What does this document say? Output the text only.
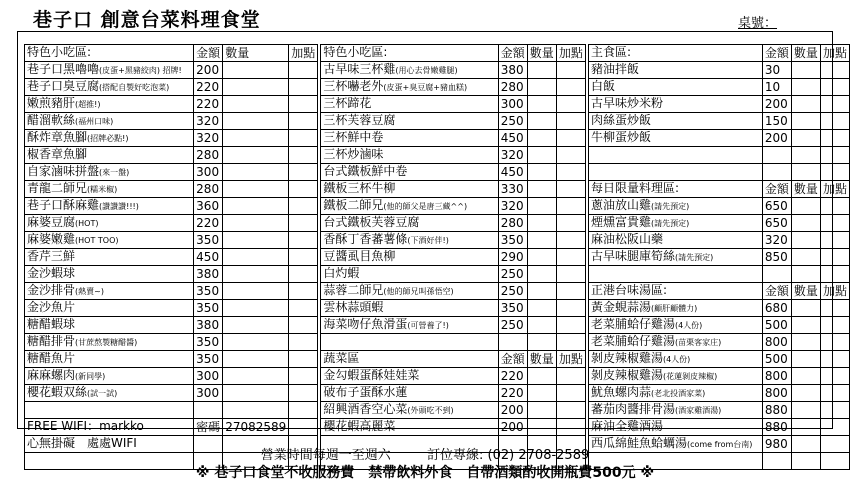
巷子口 創意台菜料理食堂	桌號：
特色小吃區:	金額	數量	加點		特色小吃區:	金額	數量	加點		主食區:	金額	數量	加點
巷子口黑嚕嚕(皮蛋+黑豬絞肉) 招牌!	200				古早味三杯雞(用心去骨嫩雞腿)	380				豬油拌飯	30		
巷子口臭豆腐(搭配自製好吃泡菜)	220				三杯嚇老外(皮蛋+臭豆腐+豬血糕)	280				白飯	10		
嫩煎豬肝(超推!)	220				三杯蹄花	300				古早味炒米粉	200		
醋溜軟絲(福州口味)	320				三杯芙蓉豆腐	250				肉絲蛋炒飯	150		
酥炸章魚腳(招牌必點!)	320				三杯鮮中卷	450				牛柳蛋炒飯	200		
椒香章魚腳	280				三杯炒滷味	320							
自家滷味拼盤(來一盤)	300				台式鐵板鮮中卷	450							
青龍二師兄(糯米椒)	280				鐵板三杯牛柳	330				每日限量料理區:	金額	數量	加點
巷子口酥麻雞(讚讚讚!!!)	360				鐵板二師兄(他的師父是唐三藏^^)	320				蔥油放山雞(請先預定)	650		
麻婆豆腐(HOT)	220				台式鐵板芙蓉豆腐	280				煙燻富貴雞(請先預定)	650		
麻婆嫩雞(HOT TOO)	350				香酥丁香蕃薯條(下酒好伴!)	350				麻油松阪山藥	320		
香芹三鮮	450				豆醬虱目魚柳	290				古早味腿庫筍絲(請先預定)	850		
金沙蝦球	380				白灼蝦	250							
金沙排骨(熱賣~)	350				蒜蓉二師兄(他的師兄叫孫悟空)	250				正港台味湯區:	金額	數量	加點
金沙魚片	350				雲林蒜頭蝦	350				黃金蜆蒜湯(顧肝顧體力)	680		
糖醋蝦球	380				海菜吻仔魚滑蛋(可營養了!)	250				老菜脯蛤仔雞湯(4人份)	500		
糖醋排骨(甘蔗熬製糖醋醬)	350									老菜脯蛤仔雞湯(苗栗客家庄)	800		
糖醋魚片	350				蔬菜區	金額	數量	加點		剝皮辣椒雞湯(4人份)	500		
麻麻螺肉(新同學)	300				金勾蝦蛋酥娃娃菜	220				剝皮辣椒雞湯(花蓮剝皮辣椒)	800		
櫻花蝦双絲(試一試)	300				破布子蛋酥水蓮	220				魷魚螺肉蒜(老北投酒家菜)	800		
					紹興酒香空心菜(外頭吃不到)	200				蕃茄肉醬排骨湯(酒家雞酒湯)	880		
FREE WIFI：markko	密碼	27082589			櫻花蝦高麗菜	200				麻油全雞酒湯	880		
心無掛礙　處處WIFI										西瓜綿鮭魚蛤蠣湯(come from台南)	980		

營業時間每週一至週六	訂位專線: (02) 2708-2589
※ 巷子口食堂不收服務費　禁帶飲料外食　自帶酒類酌收開瓶費500元 ※
